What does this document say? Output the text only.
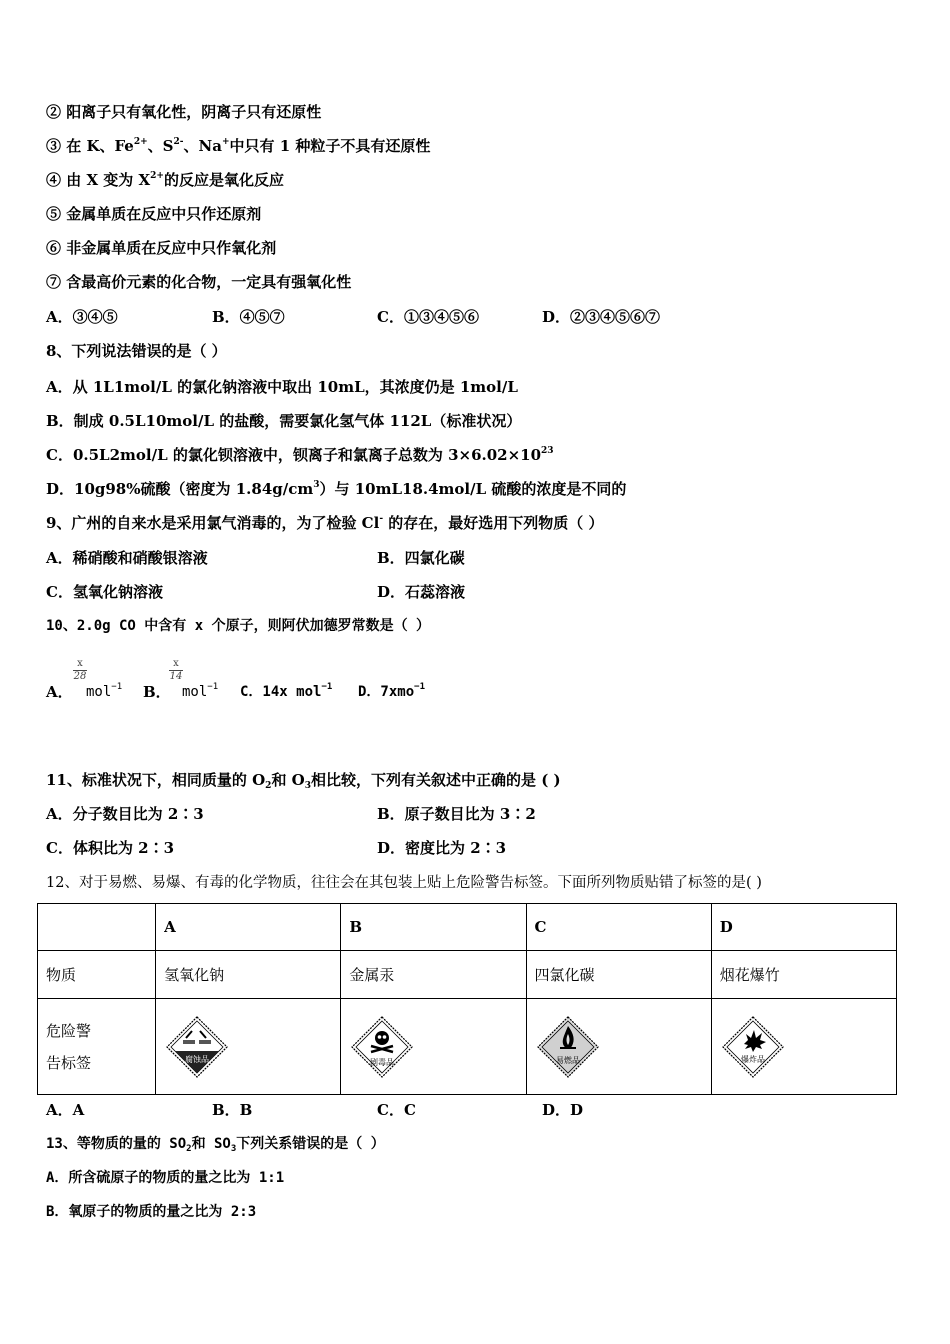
② 阳离子只有氧化性，阴离子只有还原性
③ 在 K、$Fe^{2+}$、$S^{2-}$、Na+中只有 1 种粒子不具有还原性
④ 由 X 变为 $X^{2+}$的反应是氧化反应
⑤ 金属单质在反应中只作还原剂
⑥ 非金属单质在反应中只作氧化剂
⑦ 含最高价元素的化合物，一定具有强氧化性
A．③④⑤	B．④⑤⑦	C．①③④⑤⑥	D．②③④⑤⑥⑦
8、下列说法错误的是（ ）
A．从 1L1mol/L 的氯化钠溶液中取出 10mL，其浓度仍是 1mol/L
B．制成 0.5L10mol/L 的盐酸，需要氯化氢气体 112L（标准状况）
C．0.5L2mol/L 的氯化钡溶液中，钡离子和氯离子总数为 $3\times 6.02\times 10^{23}$
D．10g98%硫酸（密度为 $1.84g/cm^3$）与 10mL18.4mol/L 硫酸的浓度是不同的
9、广州的自来水是采用氯气消毒的，为了检验 Cl- 的存在，最好选用下列物质（ ）
A．稀硝酸和硝酸银溶液	B．四氯化碳
C．氢氧化钠溶液	D．石蕊溶液
10、2.0g CO 中含有 x 个原子，则阿伏加德罗常数是（ ）
A．
$\frac{x}{28}$
mol$^{-1}$ B．
$\frac{x}{14}$
mol$^{-1}$ C．14x mol$^{-1}$ D．7xmo$^{-1}$
11、标准状况下，相同质量的 $O_2$和 $O_3$相比较，下列有关叙述中正确的是 ( )
A．分子数目比为 2∶3	B．原子数目比为 3∶2
C．体积比为 2∶3	D．密度比为 2∶3
12、对于易燃、易爆、有毒的化学物质，往往会在其包装上贴上危险警告标签。下面所列物质贴错了标签的是( )
	A	B	C	D
物质	氢氧化钠	金属汞	四氯化碳	烟花爆竹

危险警
告标签	腐蚀品	剧毒品	易燃品	爆炸品
A．A	B．B	C．C	D．D
13、等物质的量的 $SO_2$和 $SO_3$下列关系错误的是（ ）
A．所含硫原子的物质的量之比为 1:1
B．氧原子的物质的量之比为 2:3
